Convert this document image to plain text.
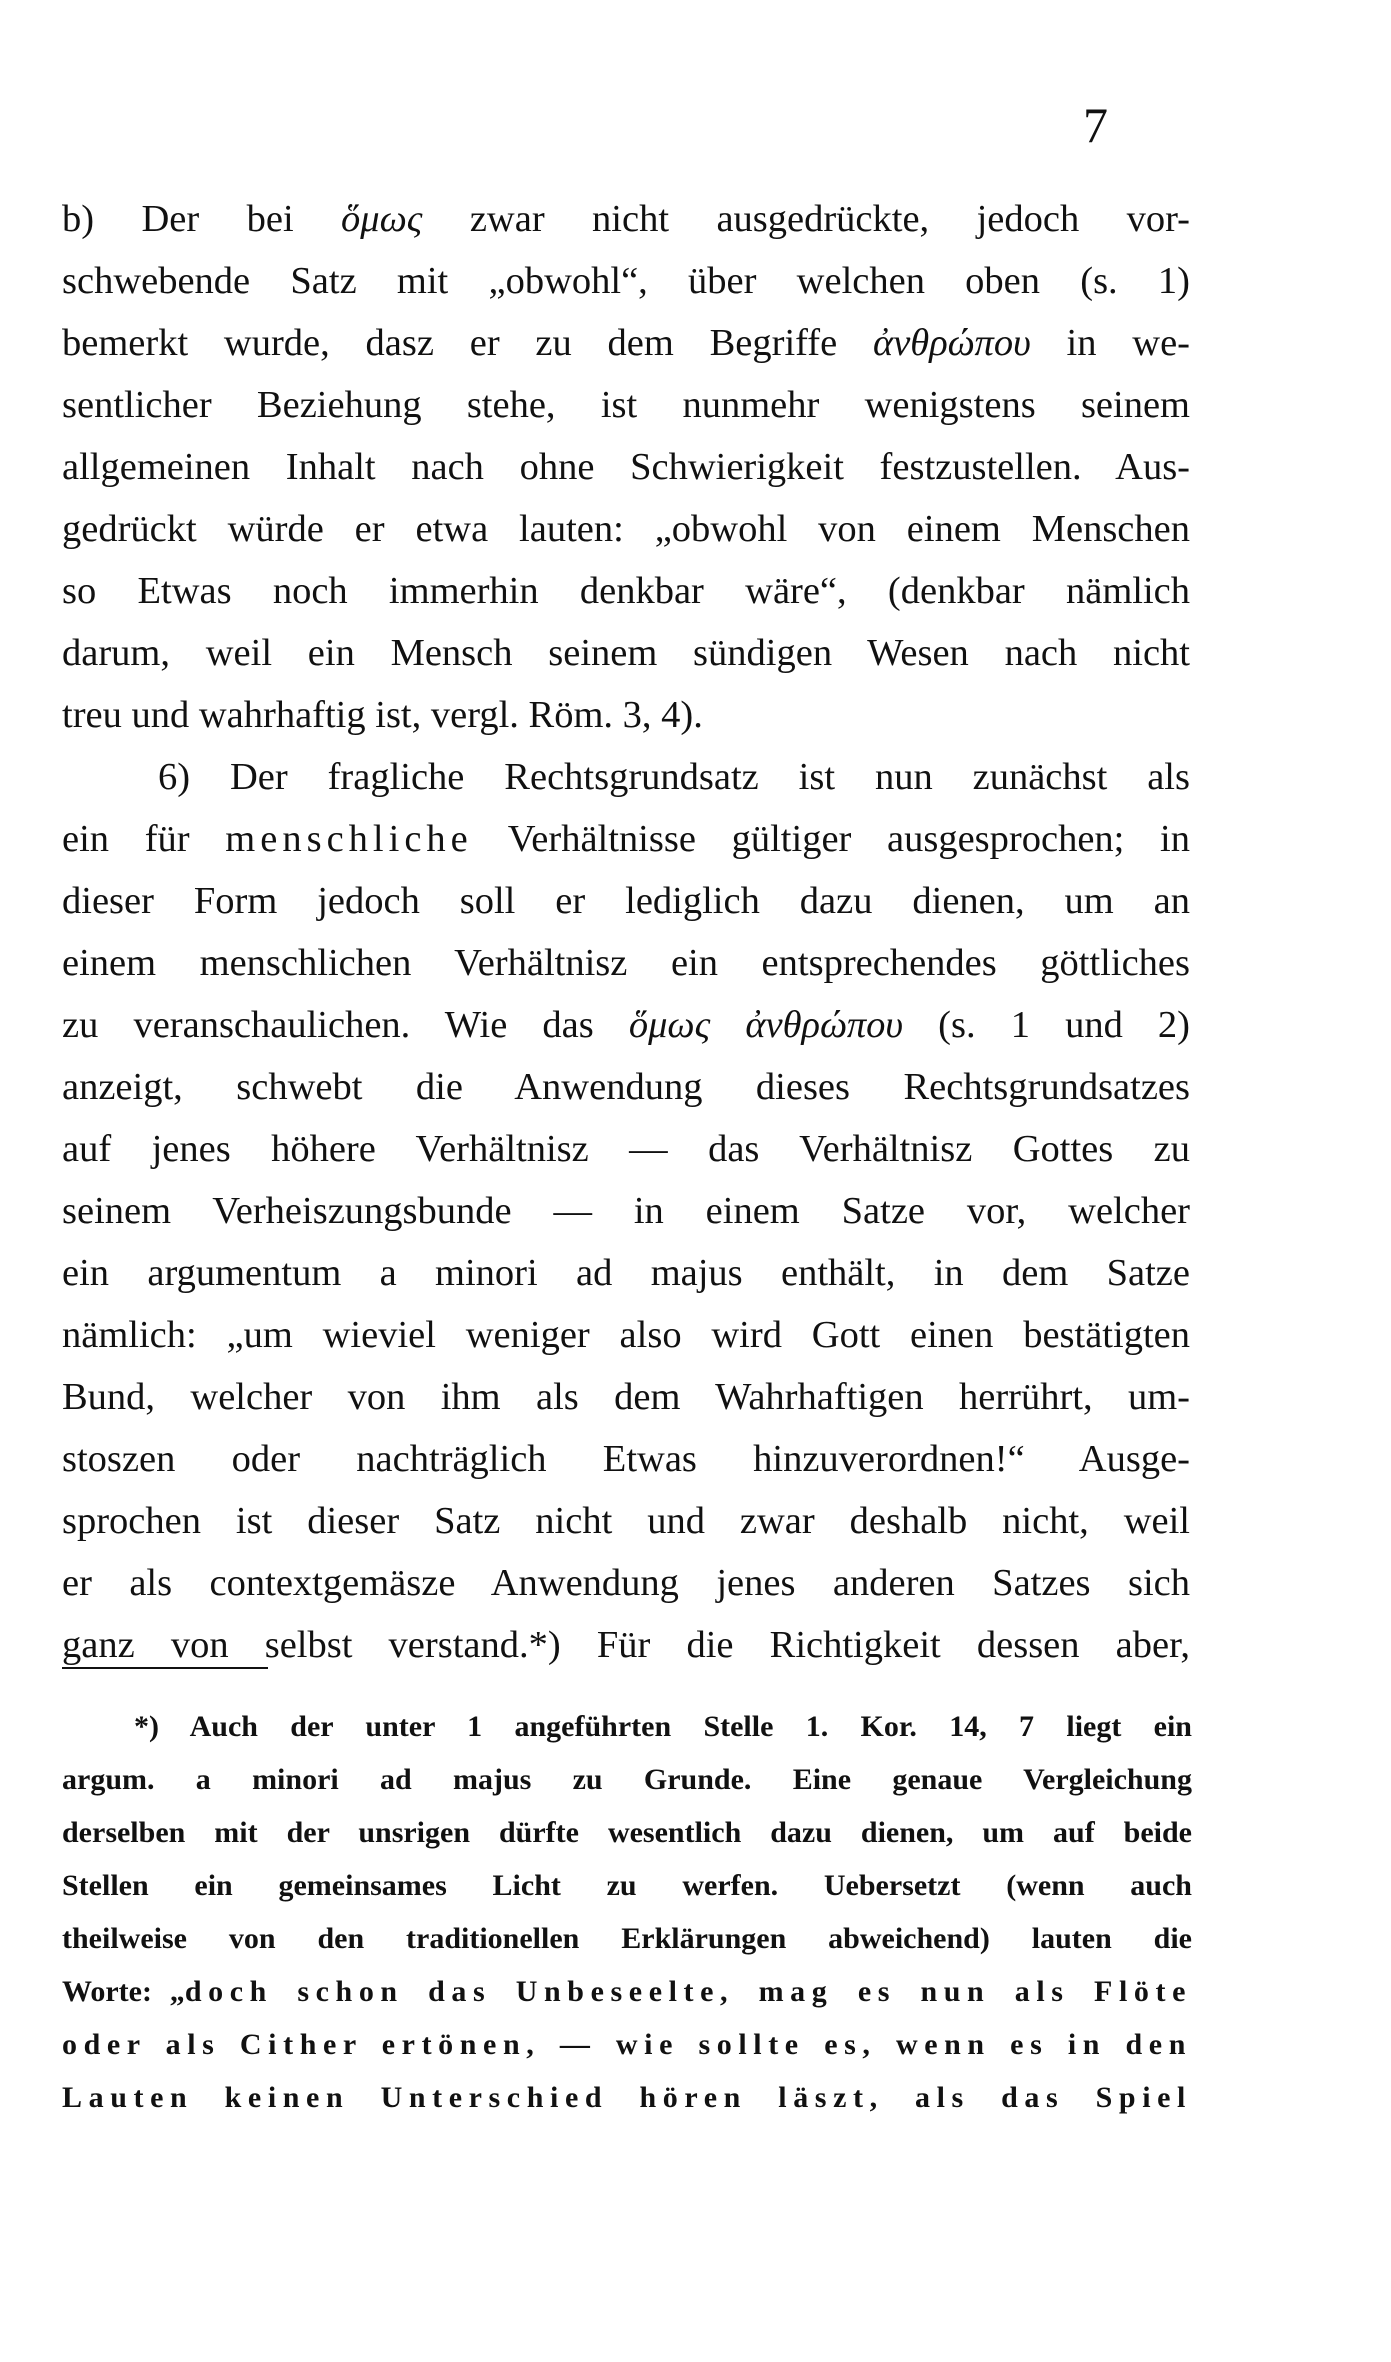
7
b) Der bei ὅμως zwar nicht ausgedrückte, jedoch vor-
schwebende Satz mit „obwohl“, über welchen oben (s. 1)
bemerkt wurde, dasz er zu dem Begriffe ἀνθρώπου in we-
sentlicher Beziehung stehe, ist nunmehr wenigstens seinem
allgemeinen Inhalt nach ohne Schwierigkeit festzustellen. Aus-
gedrückt würde er etwa lauten: „obwohl von einem Menschen
so Etwas noch immerhin denkbar wäre“, (denkbar nämlich
darum, weil ein Mensch seinem sündigen Wesen nach nicht
treu und wahrhaftig ist, vergl. Röm. 3, 4).
6) Der fragliche Rechtsgrundsatz ist nun zunächst als
ein für menschliche Verhältnisse gültiger ausgesprochen; in
dieser Form jedoch soll er lediglich dazu dienen, um an
einem menschlichen Verhältnisz ein entsprechendes göttliches
zu veranschaulichen. Wie das ὅμως ἀνθρώπου (s. 1 und 2)
anzeigt, schwebt die Anwendung dieses Rechtsgrundsatzes
auf jenes höhere Verhältnisz — das Verhältnisz Gottes zu
seinem Verheiszungsbunde — in einem Satze vor, welcher
ein argumentum a minori ad majus enthält, in dem Satze
nämlich: „um wieviel weniger also wird Gott einen bestätigten
Bund, welcher von ihm als dem Wahrhaftigen herrührt, um-
stoszen oder nachträglich Etwas hinzuverordnen!“ Ausge-
sprochen ist dieser Satz nicht und zwar deshalb nicht, weil
er als contextgemäsze Anwendung jenes anderen Satzes sich
ganz von selbst verstand.*) Für die Richtigkeit dessen aber,
*) Auch der unter 1 angeführten Stelle 1. Kor. 14, 7 liegt ein
argum. a minori ad majus zu Grunde. Eine genaue Vergleichung
derselben mit der unsrigen dürfte wesentlich dazu dienen, um auf beide
Stellen ein gemeinsames Licht zu werfen. Uebersetzt (wenn auch
theilweise von den traditionellen Erklärungen abweichend) lauten die
Worte: „doch schon das Unbeseelte, mag es nun als Flöte
oder als Cither ertönen, — wie sollte es, wenn es in den
Lauten keinen Unterschied hören läszt, als das Spiel
